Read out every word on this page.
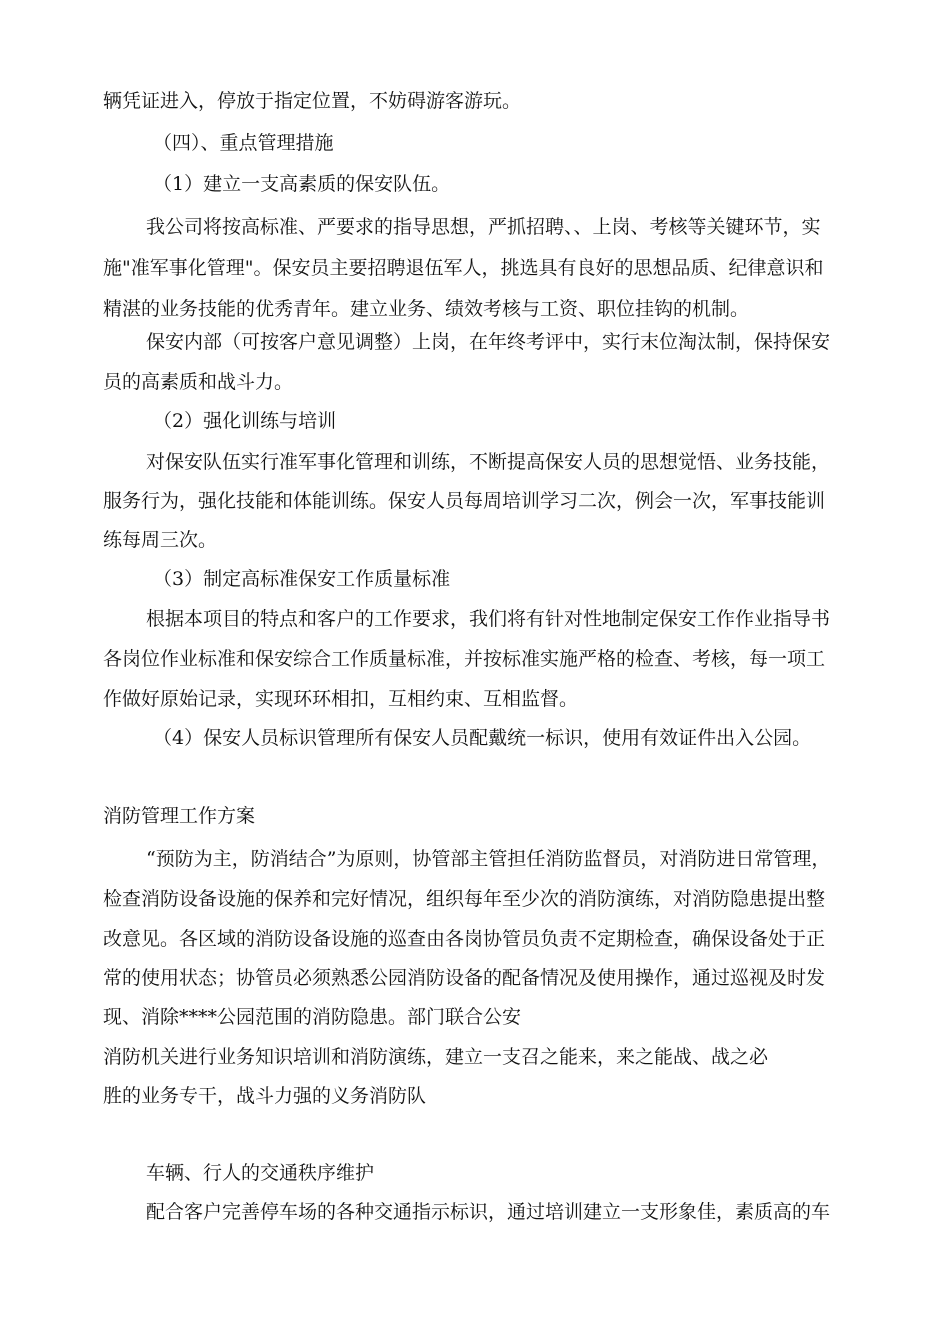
辆凭证进入，停放于指定位置，不妨碍游客游玩。
（四）、重点管理措施
（1）建立一支高素质的保安队伍。
我公司将按高标准、严要求的指导思想，严抓招聘、、上岗、考核等关键环节，实
施"准军事化管理"。保安员主要招聘退伍军人，挑选具有良好的思想品质、纪律意识和
精湛的业务技能的优秀青年。建立业务、绩效考核与工资、职位挂钩的机制。
保安内部（可按客户意见调整）上岗，在年终考评中，实行末位淘汰制，保持保安
员的高素质和战斗力。
（2）强化训练与培训
对保安队伍实行准军事化管理和训练，不断提高保安人员的思想觉悟、业务技能，
服务行为，强化技能和体能训练。保安人员每周培训学习二次，例会一次，军事技能训
练每周三次。
（3）制定高标准保安工作质量标准
根据本项目的特点和客户的工作要求，我们将有针对性地制定保安工作作业指导书
各岗位作业标准和保安综合工作质量标准，并按标准实施严格的检查、考核，每一项工
作做好原始记录，实现环环相扣，互相约束、互相监督。
（4）保安人员标识管理所有保安人员配戴统一标识，使用有效证件出入公园。
消防管理工作方案
“预防为主，防消结合”为原则，协管部主管担任消防监督员，对消防进日常管理，
检查消防设备设施的保养和完好情况，组织每年至少次的消防演练，对消防隐患提出整
改意见。各区域的消防设备设施的巡查由各岗协管员负责不定期检查，确保设备处于正
常的使用状态；协管员必须熟悉公园消防设备的配备情况及使用操作，通过巡视及时发
现、消除****公园范围的消防隐患。部门联合公安
消防机关进行业务知识培训和消防演练，建立一支召之能来，来之能战、战之必
胜的业务专干，战斗力强的义务消防队
车辆、行人的交通秩序维护
配合客户完善停车场的各种交通指示标识，通过培训建立一支形象佳，素质高的车
